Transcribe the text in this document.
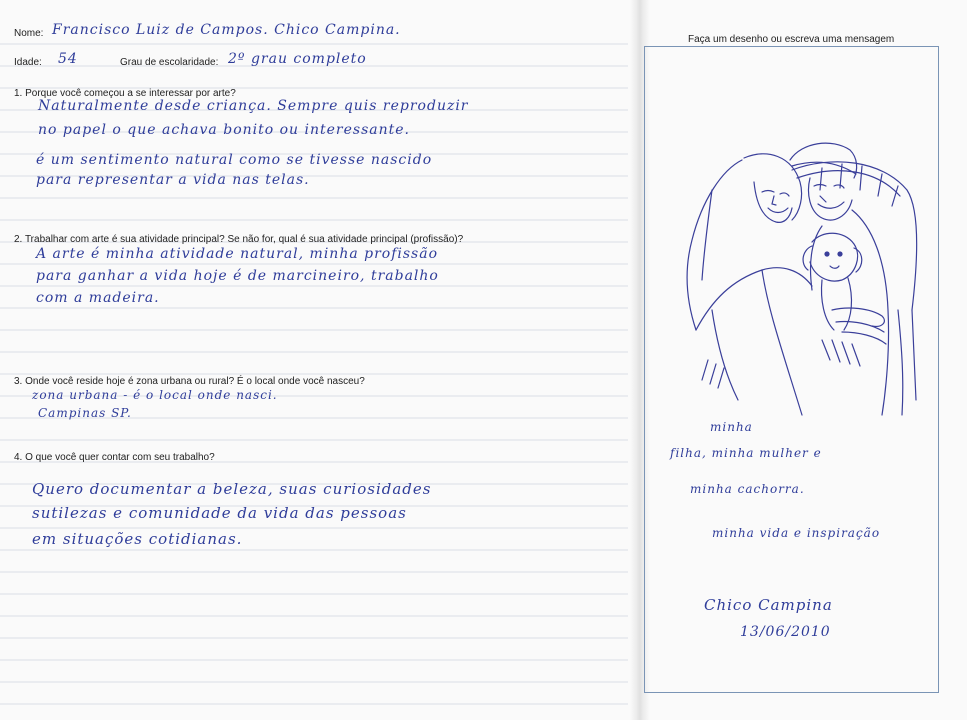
Nome: Francisco Luiz de Campos. Chico Campina.
Idade: 54	Grau de escolaridade: 2º grau completo
1. Porque você começou a se interessar por arte?
Naturalmente desde criança. Sempre quis reproduzir
no papel o que achava bonito ou interessante.
é um sentimento natural como se tivesse nascido
para representar a vida nas telas.
2. Trabalhar com arte é sua atividade principal? Se não for, qual é sua atividade principal (profissão)?
A arte é minha atividade natural, minha profissão
para ganhar a vida hoje é de marcineiro, trabalho
com a madeira.
3. Onde você reside hoje é zona urbana ou rural? É o local onde você nasceu?
zona urbana - é o local onde nasci.
Campinas SP.
4. O que você quer contar com seu trabalho?
Quero documentar a beleza, suas curiosidades
sutilezas e comunidade da vida das pessoas
em situações cotidianas.
Faça um desenho ou escreva uma mensagem
minha
filha, minha mulher e
minha cachorra.
minha vida e inspiração
Chico Campina
13/06/2010
